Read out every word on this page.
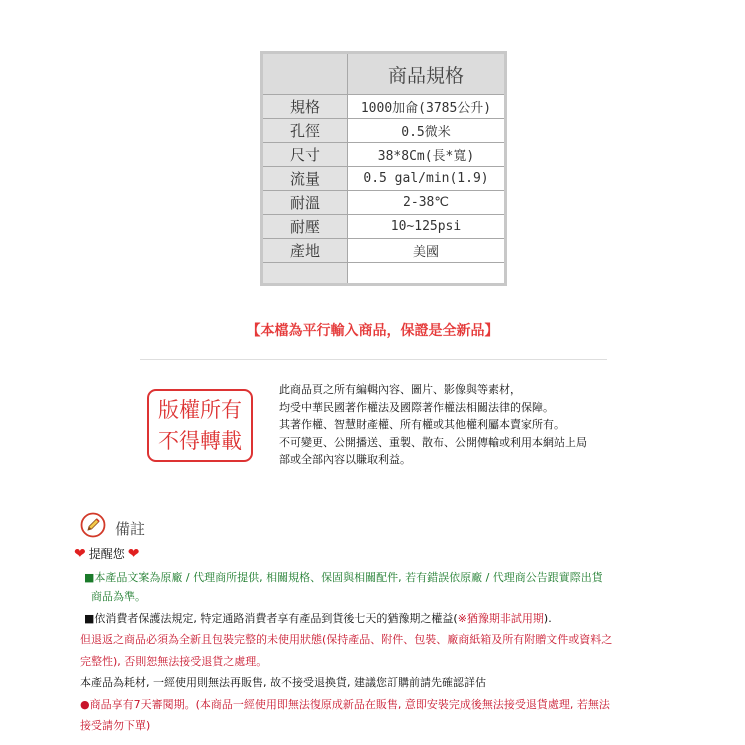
	商品規格
規格	1000加侖(3785公升)
孔徑	0.5微米
尺寸	38*8Cm(長*寬)
流量	0.5 gal/min(1.9)
耐溫	2-38℃
耐壓	10~125psi
產地	美國

【本檔為平行輸入商品，保證是全新品】
版權所有
不得轉載
此商品頁之所有編輯內容、圖片、影像與等素材，
均受中華民國著作權法及國際著作權法相關法律的保障。
其著作權、智慧財產權、所有權或其他權利屬本賣家所有。
不可變更、公開播送、重製、散布、公開傳輸或利用本網站上局
部或全部內容以賺取利益。
備註
❤ 提醒您 ❤
■本產品文案為原廠 / 代理商所提供, 相關規格、保固與相關配件, 若有錯誤依原廠 / 代理商公告跟實際出貨
商品為準。
■依消費者保護法規定, 特定通路消費者享有產品到貨後七天的猶豫期之權益(※猶豫期非試用期).
但退返之商品必須為全新且包裝完整的未使用狀態(保持產品、附件、包裝、廠商紙箱及所有附贈文件或資料之
完整性), 否則恕無法接受退貨之處理。
本產品為耗材, 一經使用則無法再販售, 故不接受退換貨, 建議您訂購前請先確認詳估
●商品享有7天審閱期。(本商品一經使用即無法復原成新品在販售, 意即安裝完成後無法接受退貨處理, 若無法
接受請勿下單)
